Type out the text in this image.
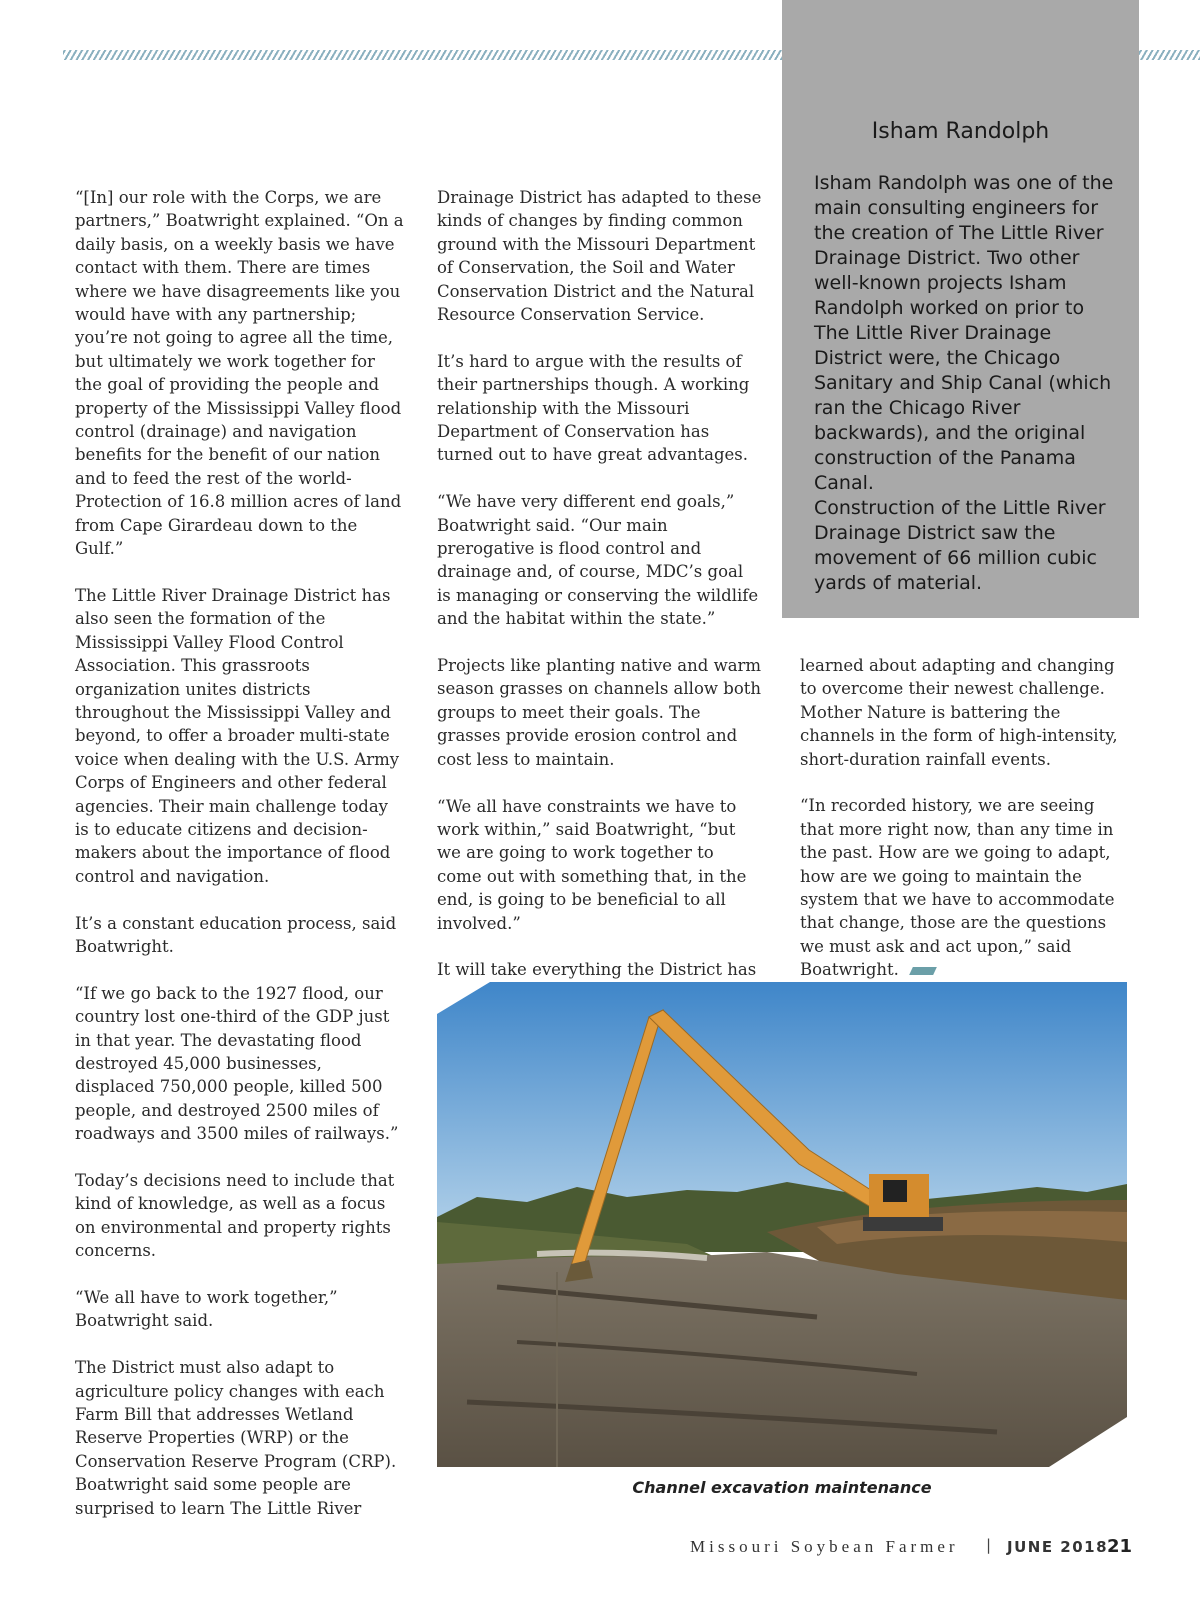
Isham Randolph

Isham Randolph was one of the main consulting engineers for the creation of The Little River Drainage District. Two other well-known projects Isham Randolph worked on prior to The Little River Drainage District were, the Chicago Sanitary and Ship Canal (which ran the Chicago River backwards), and the original construction of the Panama Canal.

Construction of the Little River Drainage District saw the movement of 66 million cubic yards of material.

“[In] our role with the Corps, we are partners,” Boatwright explained. “On a daily basis, on a weekly basis we have contact with them. There are times where we have disagreements like you would have with any partnership; you’re not going to agree all the time, but ultimately we work together for the goal of providing the people and property of the Mississippi Valley flood control (drainage) and navigation benefits for the benefit of our nation and to feed the rest of the world- Protection of 16.8 million acres of land from Cape Girardeau down to the Gulf.”

The Little River Drainage District has also seen the formation of the Mississippi Valley Flood Control Association. This grassroots organization unites districts throughout the Mississippi Valley and beyond, to offer a broader multi-state voice when dealing with the U.S. Army Corps of Engineers and other federal agencies. Their main challenge today is to educate citizens and decision-makers about the importance of flood control and navigation.

It’s a constant education process, said Boatwright.

“If we go back to the 1927 flood, our country lost one-third of the GDP just in that year. The devastating flood destroyed 45,000 businesses, displaced 750,000 people, killed 500 people, and destroyed 2500 miles of roadways and 3500 miles of railways.”

Today’s decisions need to include that kind of knowledge, as well as a focus on environmental and property rights concerns.

“We all have to work together,” Boatwright said.

The District must also adapt to agriculture policy changes with each Farm Bill that addresses Wetland Reserve Properties (WRP) or the Conservation Reserve Program (CRP). Boatwright said some people are surprised to learn The Little River

Drainage District has adapted to these kinds of changes by finding common ground with the Missouri Department of Conservation, the Soil and Water Conservation District and the Natural Resource Conservation Service.

It’s hard to argue with the results of their partnerships though. A working relationship with the Missouri Department of Conservation has turned out to have great advantages.

“We have very different end goals,” Boatwright said. “Our main prerogative is flood control and drainage and, of course, MDC’s goal is managing or conserving the wildlife and the habitat within the state.”

Projects like planting native and warm season grasses on channels allow both groups to meet their goals. The grasses provide erosion control and cost less to maintain.

“We all have constraints we have to work within,” said Boatwright, “but we are going to work together to come out with something that, in the end, is going to be beneficial to all involved.”

It will take everything the District has

learned about adapting and changing to overcome their newest challenge. Mother Nature is battering the channels in the form of high-intensity, short-duration rainfall events.

“In recorded history, we are seeing that more right now, than any time in the past. How are we going to adapt, how are we going to maintain the system that we have to accommodate that change, those are the questions we must ask and act upon,” said Boatwright.

Channel excavation maintenance
Missouri Soybean Farmer | JUNE 2018
21
